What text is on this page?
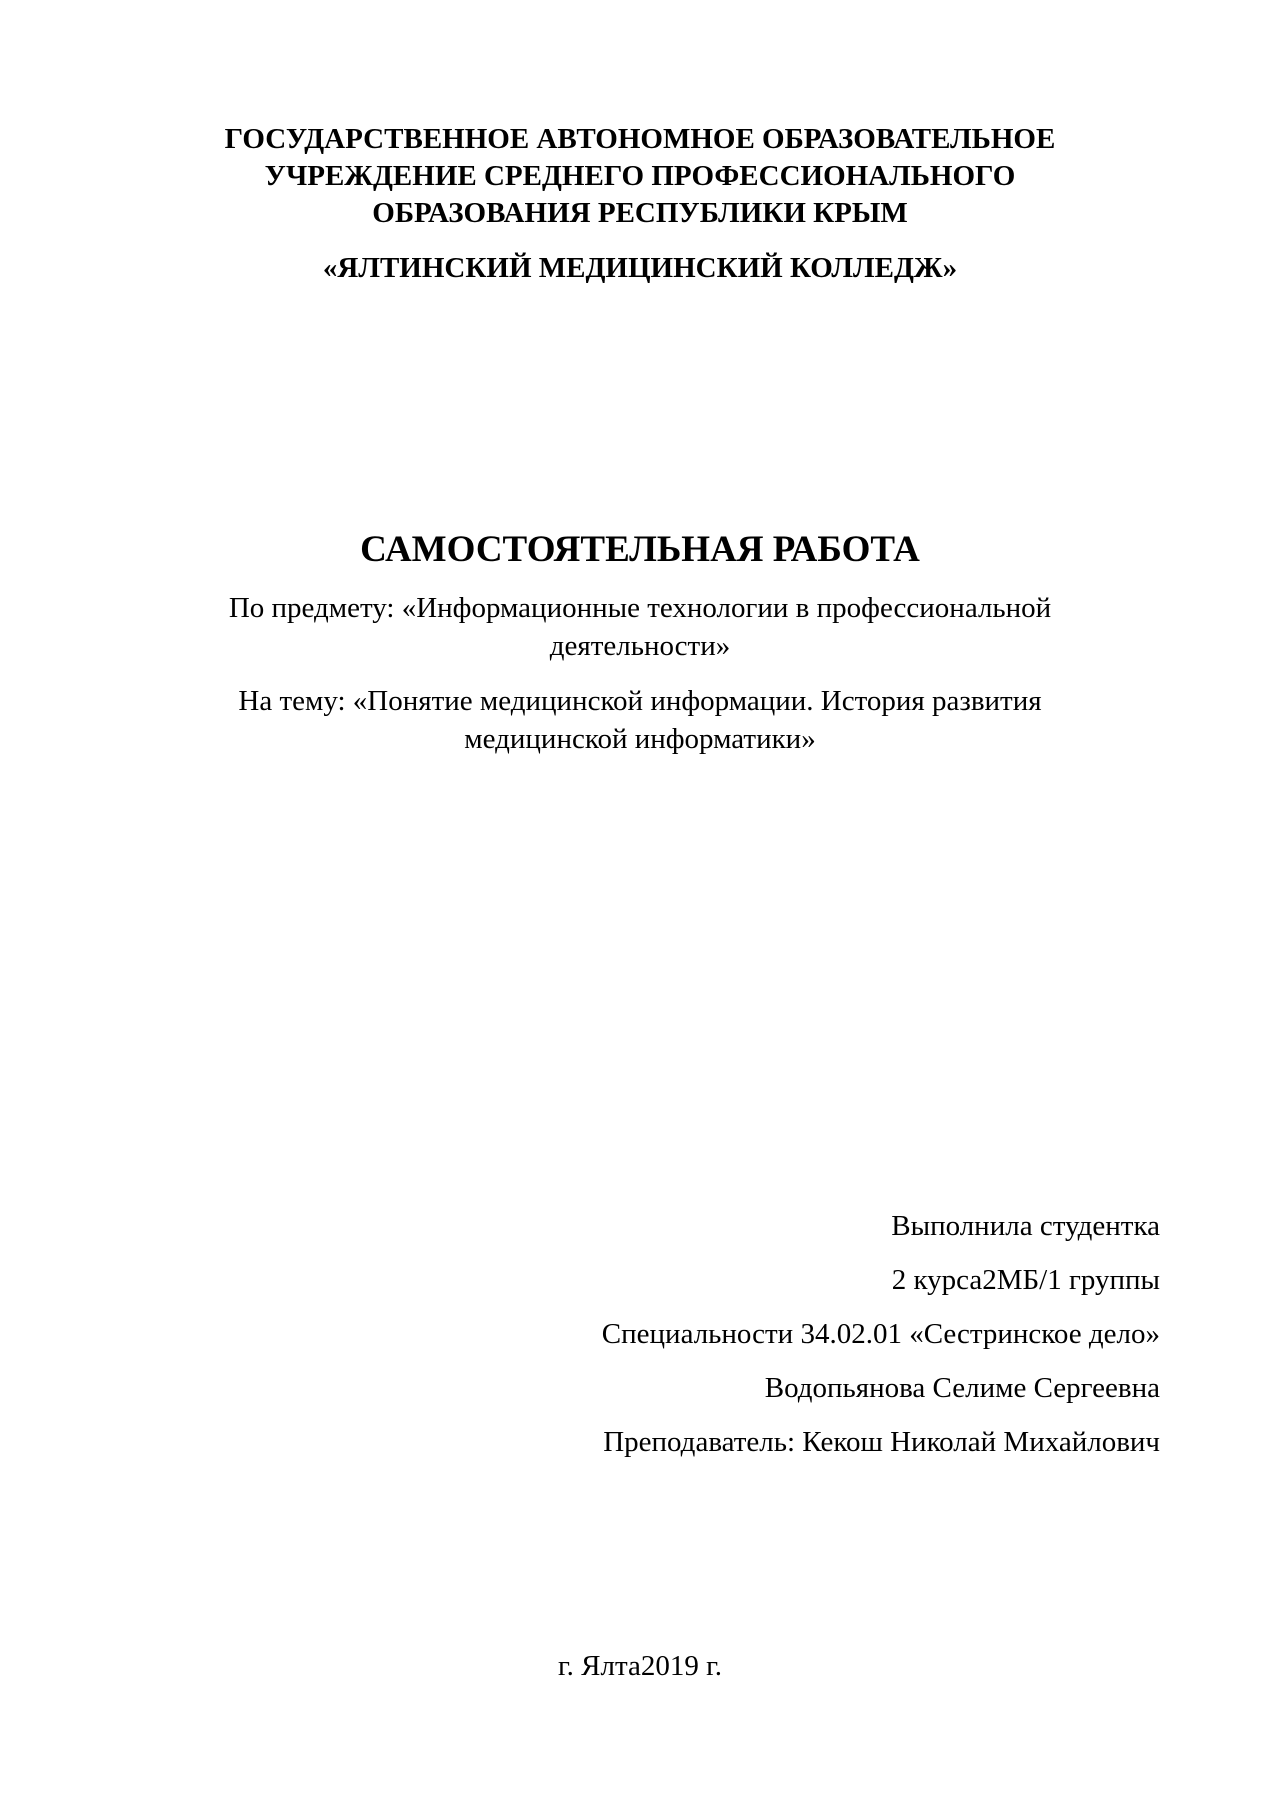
ГОСУДАРСТВЕННОЕ АВТОНОМНОЕ ОБРАЗОВАТЕЛЬНОЕ
УЧРЕЖДЕНИЕ СРЕДНЕГО ПРОФЕССИОНАЛЬНОГО
ОБРАЗОВАНИЯ РЕСПУБЛИКИ КРЫМ
«ЯЛТИНСКИЙ МЕДИЦИНСКИЙ КОЛЛЕДЖ»
САМОСТОЯТЕЛЬНАЯ РАБОТА
По предмету: «Информационные технологии в профессиональной
деятельности»
На тему: «Понятие медицинской информации. История развития
медицинской информатики»
Выполнила студентка
2 курса2МБ/1 группы
Специальности 34.02.01 «Сестринское дело»
Водопьянова Селиме Сергеевна
Преподаватель: Кекош Николай Михайлович
г. Ялта2019 г.
